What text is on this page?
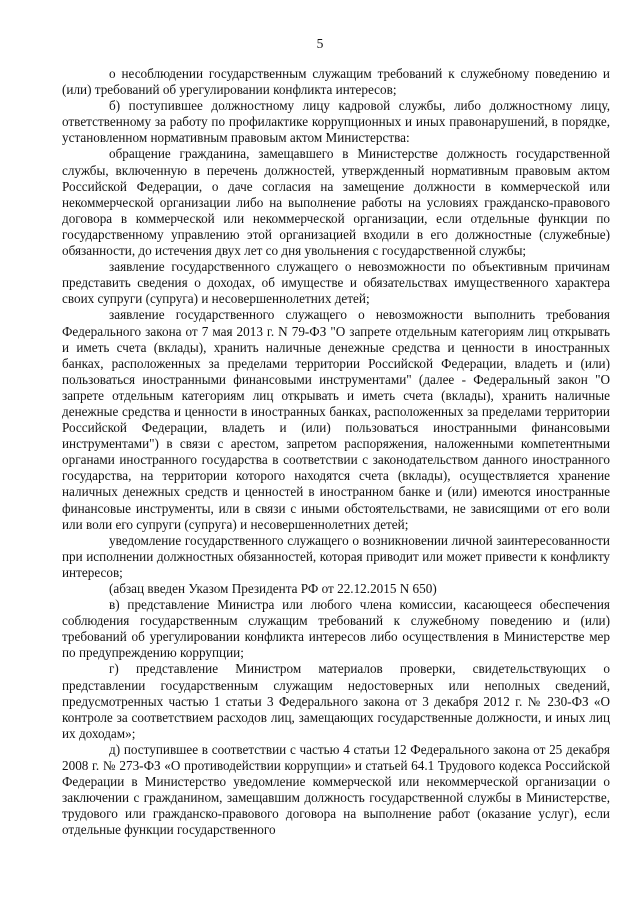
5

о несоблюдении государственным служащим требований к служебному поведению и (или) требований об урегулировании конфликта интересов;

б) поступившее должностному лицу кадровой службы, либо должностному лицу, ответственному за работу по профилактике коррупционных и иных правонарушений, в порядке, установленном нормативным правовым актом Министерства:

обращение гражданина, замещавшего в Министерстве должность государственной службы, включенную в перечень должностей, утвержденный нормативным правовым актом Российской Федерации, о даче согласия на замещение должности в коммерческой или некоммерческой организации либо на выполнение работы на условиях гражданско-правового договора в коммерческой или некоммерческой организации, если отдельные функции по государственному управлению этой организацией входили в его должностные (служебные) обязанности, до истечения двух лет со дня увольнения с государственной службы;

заявление государственного служащего о невозможности по объективным причинам представить сведения о доходах, об имуществе и обязательствах имущественного характера своих супруги (супруга) и несовершеннолетних детей;

заявление государственного служащего о невозможности выполнить требования Федерального закона от 7 мая 2013 г. N 79-ФЗ "О запрете отдельным категориям лиц открывать и иметь счета (вклады), хранить наличные денежные средства и ценности в иностранных банках, расположенных за пределами территории Российской Федерации, владеть и (или) пользоваться иностранными финансовыми инструментами" (далее - Федеральный закон "О запрете отдельным категориям лиц открывать и иметь счета (вклады), хранить наличные денежные средства и ценности в иностранных банках, расположенных за пределами территории Российской Федерации, владеть и (или) пользоваться иностранными финансовыми инструментами") в связи с арестом, запретом распоряжения, наложенными компетентными органами иностранного государства в соответствии с законодательством данного иностранного государства, на территории которого находятся счета (вклады), осуществляется хранение наличных денежных средств и ценностей в иностранном банке и (или) имеются иностранные финансовые инструменты, или в связи с иными обстоятельствами, не зависящими от его воли или воли его супруги (супруга) и несовершеннолетних детей;

уведомление государственного служащего о возникновении личной заинтересованности при исполнении должностных обязанностей, которая приводит или может привести к конфликту интересов;

(абзац введен Указом Президента РФ от 22.12.2015 N 650)

в) представление Министра или любого члена комиссии, касающееся обеспечения соблюдения государственным служащим требований к служебному поведению и (или) требований об урегулировании конфликта интересов либо осуществления в Министерстве мер по предупреждению коррупции;

г) представление Министром материалов проверки, свидетельствующих о представлении государственным служащим недостоверных или неполных сведений, предусмотренных частью 1 статьи 3 Федерального закона от 3 декабря 2012 г. № 230-ФЗ «О контроле за соответствием расходов лиц, замещающих государственные должности, и иных лиц их доходам»;

д) поступившее в соответствии с частью 4 статьи 12 Федерального закона от 25 декабря 2008 г. № 273-ФЗ «О противодействии коррупции» и статьей 64.1 Трудового кодекса Российской Федерации в Министерство уведомление коммерческой или некоммерческой организации о заключении с гражданином, замещавшим должность государственной службы в Министерстве, трудового или гражданско-правового договора на выполнение работ (оказание услуг), если отдельные функции государственного
